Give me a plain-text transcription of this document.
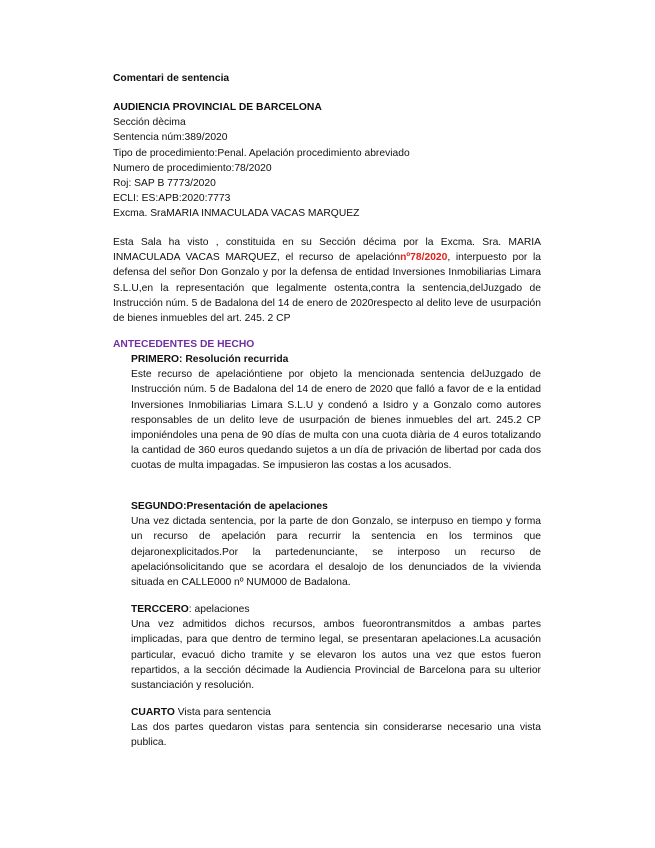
Comentari de sentencia
AUDIENCIA PROVINCIAL DE BARCELONA
Sección dècima
Sentencia núm:389/2020
Tipo de procedimiento:Penal. Apelación procedimiento abreviado
Numero de procedimiento:78/2020
Roj: SAP B 7773/2020
ECLI: ES:APB:2020:7773
Excma. SraMARIA INMACULADA VACAS MARQUEZ
Esta Sala ha visto , constituida en su Sección décima por la Excma. Sra. MARIA INMACULADA VACAS MARQUEZ, el recurso de apelaciónnº78/2020, interpuesto por la defensa del señor Don Gonzalo y por la defensa de entidad Inversiones Inmobiliarias Limara S.L.U,en la representación que legalmente ostenta,contra la sentencia,delJuzgado de Instrucción núm. 5 de Badalona del 14 de enero de 2020respecto al delito leve de usurpación de bienes inmuebles del art. 245. 2 CP
ANTECEDENTES DE HECHO
PRIMERO: Resolución recurrida
Este recurso de apelacióntiene por objeto la mencionada sentencia delJuzgado de Instrucción núm. 5 de Badalona del 14 de enero de 2020 que falló a favor de e la entidad Inversiones Inmobiliarias Limara S.L.U y condenó a Isidro y a Gonzalo como autores responsables de un delito leve de usurpación de bienes inmuebles del art. 245.2 CP imponiéndoles una pena de 90 días de multa con una cuota diària de 4 euros totalizando la cantidad de 360 euros quedando sujetos a un día de privación de libertad por cada dos cuotas de multa impagadas. Se impusieron las costas a los acusados.
SEGUNDO:Presentación de apelaciones
Una vez dictada sentencia, por la parte de don Gonzalo, se interpuso en tiempo y forma un recurso de apelación para recurrir la sentencia en los terminos que dejaronexplicitados.Por la partedenunciante, se interposo un recurso de apelaciónsolicitando que se acordara el desalojo de los denunciados de la vivienda situada en CALLE000 nº NUM000 de Badalona.
TERCCERO: apelaciones
Una vez admitidos dichos recursos, ambos fueorontransmitdos a ambas partes implicadas, para que dentro de termino legal, se presentaran apelaciones.La acusación particular, evacuó dicho tramite y se elevaron los autos una vez que estos fueron repartidos, a la sección décimade la Audiencia Provincial de Barcelona para su ulterior sustanciación y resolución.
CUARTO Vista para sentencia
Las dos partes quedaron vistas para sentencia sin considerarse necesario una vista publica.
